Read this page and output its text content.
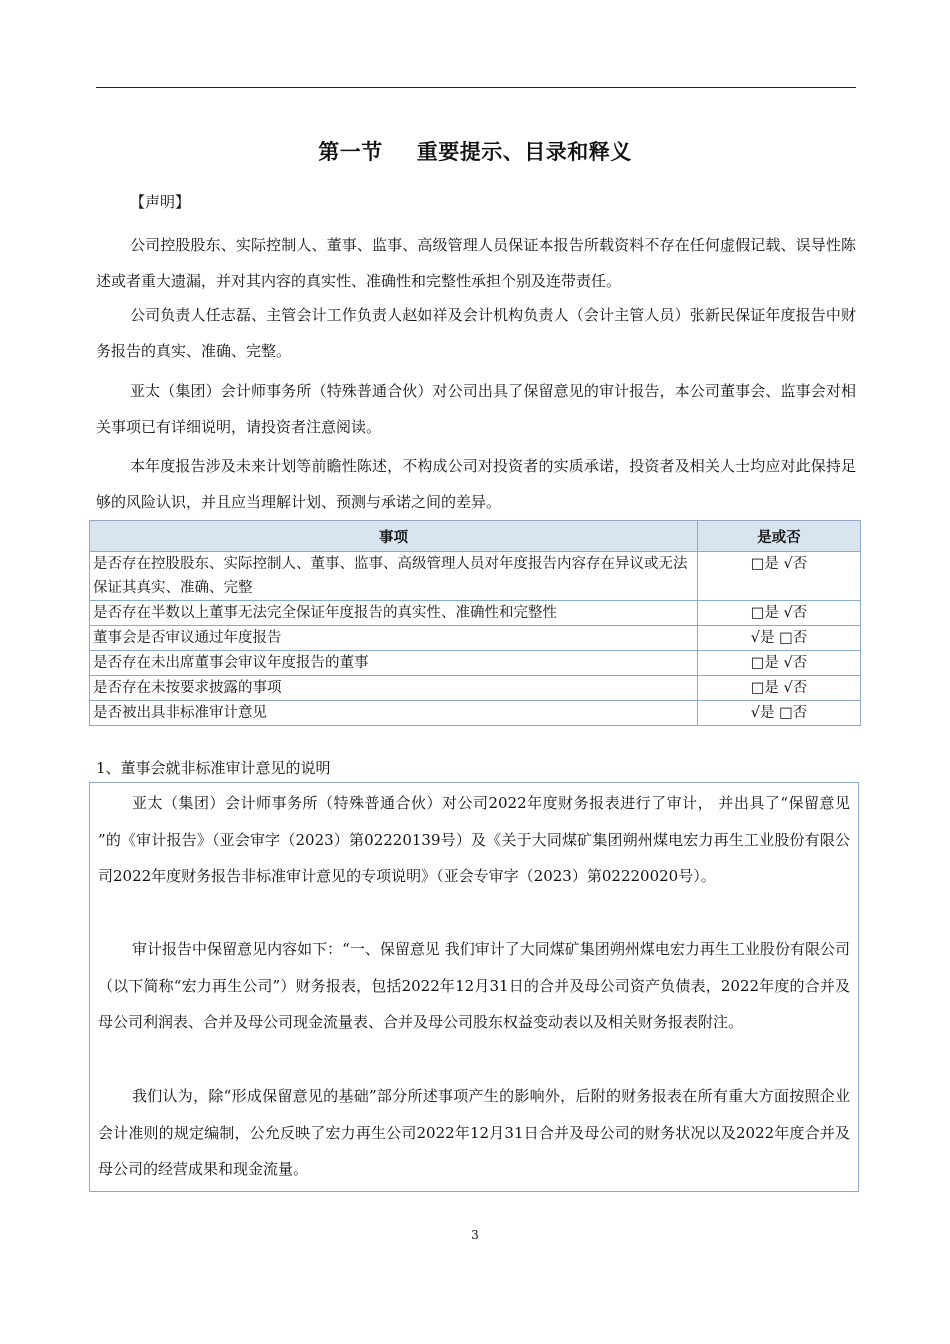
第一节 重要提示、目录和释义
【声明】

公司控股股东、实际控制人、董事、监事、高级管理人员保证本报告所载资料不存在任何虚假记载、误导性陈述或者重大遗漏，并对其内容的真实性、准确性和完整性承担个别及连带责任。

公司负责人任志磊、主管会计工作负责人赵如祥及会计机构负责人（会计主管人员）张新民保证年度报告中财务报告的真实、准确、完整。

亚太（集团）会计师事务所（特殊普通合伙）对公司出具了保留意见的审计报告，本公司董事会、监事会对相关事项已有详细说明，请投资者注意阅读。

本年度报告涉及未来计划等前瞻性陈述，不构成公司对投资者的实质承诺，投资者及相关人士均应对此保持足够的风险认识，并且应当理解计划、预测与承诺之间的差异。

事项	是或否
是否存在控股股东、实际控制人、董事、监事、高级管理人员对年度报告内容存在异议或无法保证其真实、准确、完整	□是 √否
是否存在半数以上董事无法完全保证年度报告的真实性、准确性和完整性	□是 √否
董事会是否审议通过年度报告	√是 □否
是否存在未出席董事会审议年度报告的董事	□是 √否
是否存在未按要求披露的事项	□是 √否
是否被出具非标准审计意见	√是 □否
1、董事会就非标准审计意见的说明

亚太（集团）会计师事务所（特殊普通合伙）对公司2022年度财务报表进行了审计， 并出具了“保留意见 ”的《审计报告》（亚会审字（2023）第02220139号）及《关于大同煤矿集团朔州煤电宏力再生工业股份有限公司2022年度财务报告非标准审计意见的专项说明》（亚会专审字（2023）第02220020号）。

审计报告中保留意见内容如下：“一、保留意见 我们审计了大同煤矿集团朔州煤电宏力再生工业股份有限公司（以下简称“宏力再生公司”）财务报表，包括2022年12月31日的合并及母公司资产负债表，2022年度的合并及母公司利润表、合并及母公司现金流量表、合并及母公司股东权益变动表以及相关财务报表附注。

我们认为，除“形成保留意见的基础”部分所述事项产生的影响外，后附的财务报表在所有重大方面按照企业会计准则的规定编制，公允反映了宏力再生公司2022年12月31日合并及母公司的财务状况以及2022年度合并及母公司的经营成果和现金流量。

3
